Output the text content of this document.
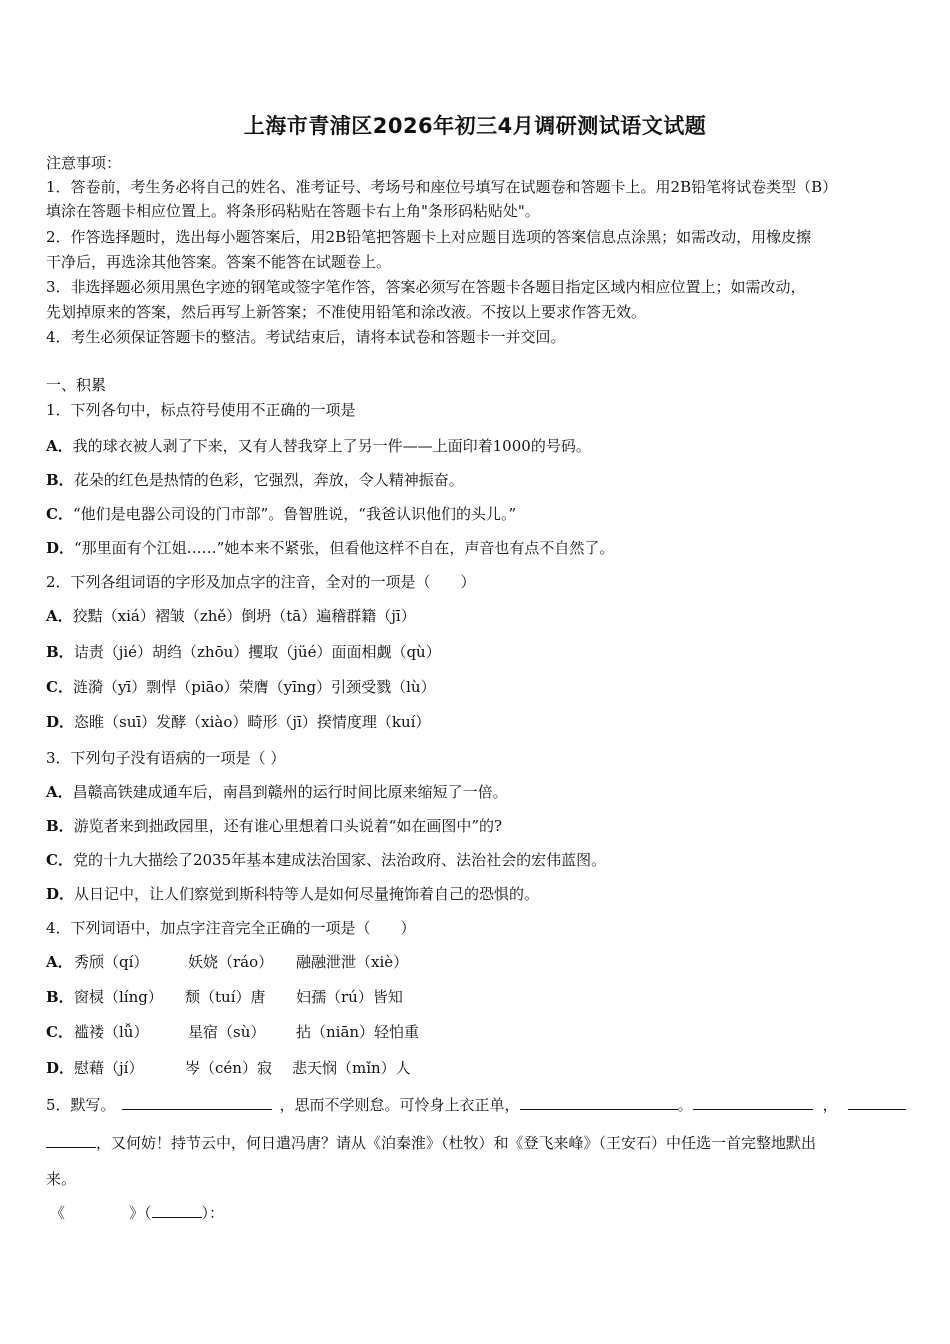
上海市青浦区2026年初三4月调研测试语文试题
注意事项：
1．答卷前，考生务必将自己的姓名、准考证号、考场号和座位号填写在试题卷和答题卡上。用2B铅笔将试卷类型（B）
填涂在答题卡相应位置上。将条形码粘贴在答题卡右上角"条形码粘贴处"。
2．作答选择题时，选出每小题答案后，用2B铅笔把答题卡上对应题目选项的答案信息点涂黑；如需改动，用橡皮擦
干净后，再选涂其他答案。答案不能答在试题卷上。
3．非选择题必须用黑色字迹的钢笔或签字笔作答，答案必须写在答题卡各题目指定区域内相应位置上；如需改动，
先划掉原来的答案，然后再写上新答案；不准使用铅笔和涂改液。不按以上要求作答无效。
4．考生必须保证答题卡的整洁。考试结束后，请将本试卷和答题卡一并交回。
一、积累
1．下列各句中，标点符号使用不正确的一项是
A．我的球衣被人剥了下来，又有人替我穿上了另一件——上面印着1000的号码。
B．花朵的红色是热情的色彩，它强烈，奔放，令人精神振奋。
C．“他们是电器公司设的门市部”。鲁智胜说，“我爸认识他们的头儿。”
D．“那里面有个江姐……”她本来不紧张，但看他这样不自在，声音也有点不自然了。
2．下列各组词语的字形及加点字的注音，全对的一项是（　　）
A．狡黠（xiá）褶皱（zhě）倒坍（tā）遍稽群籍（jī）
B．诘责（jié）胡绉（zhōu）攫取（jüé）面面相觑（qù）
C．涟漪（yī）剽悍（piāo）荣膺（yīng）引颈受戮（lù）
D．恣睢（suī）发酵（xiào）畸形（jī）揆情度理（kuí）
3．下列句子没有语病的一项是（ ）
A．昌赣高铁建成通车后，南昌到赣州的运行时间比原来缩短了一倍。
B．游览者来到拙政园里，还有谁心里想着口头说着“如在画图中”的?
C．党的十九大描绘了2035年基本建成法治国家、法治政府、法治社会的宏伟蓝图。
D．从日记中，让人们察觉到斯科特等人是如何尽量掩饰着自己的恐惧的。
4．下列词语中，加点字注音完全正确的一项是（　　）
A． 秀颀（qí）	妖娆（ráo） 融融泄泄（xiè）
B． 窗棂（líng） 颓（tuí）唐 妇孺（rú）皆知
C． 褴褛（lǚ）	星宿（sù） 拈（niān）轻怕重
D． 慰藉（jí）	岑（cén）寂 悲天悯（mǐn）人
5．默写。	，思而不学则怠。可怜身上衣正单，	。	，
，又何妨！持节云中，何日遣冯唐？请从《泊秦淮》（杜牧）和《登飞来峰》（王安石）中任选一首完整地默出
来。
《	》（	）：
